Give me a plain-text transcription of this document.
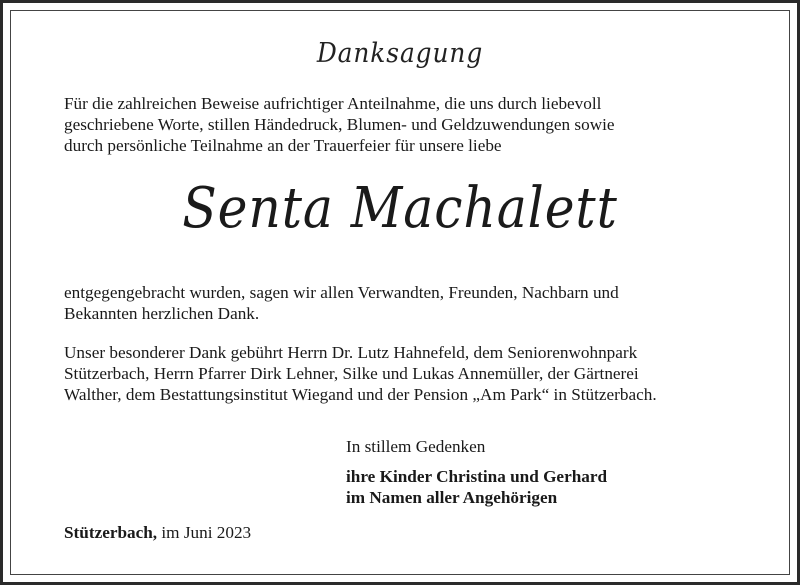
Danksagung
Für die zahlreichen Beweise aufrichtiger Anteilnahme, die uns durch liebevoll
geschriebene Worte, stillen Händedruck, Blumen- und Geldzuwendungen sowie
durch persönliche Teilnahme an der Trauerfeier für unsere liebe
Senta Machalett
entgegengebracht wurden, sagen wir allen Verwandten, Freunden, Nachbarn und
Bekannten herzlichen Dank.
Unser besonderer Dank gebührt Herrn Dr. Lutz Hahnefeld, dem Seniorenwohnpark
Stützerbach, Herrn Pfarrer Dirk Lehner, Silke und Lukas Annemüller, der Gärtnerei
Walther, dem Bestattungsinstitut Wiegand und der Pension „Am Park“ in Stützerbach.
In stillem Gedenken
ihre Kinder Christina und Gerhard
im Namen aller Angehörigen
Stützerbach, im Juni 2023
